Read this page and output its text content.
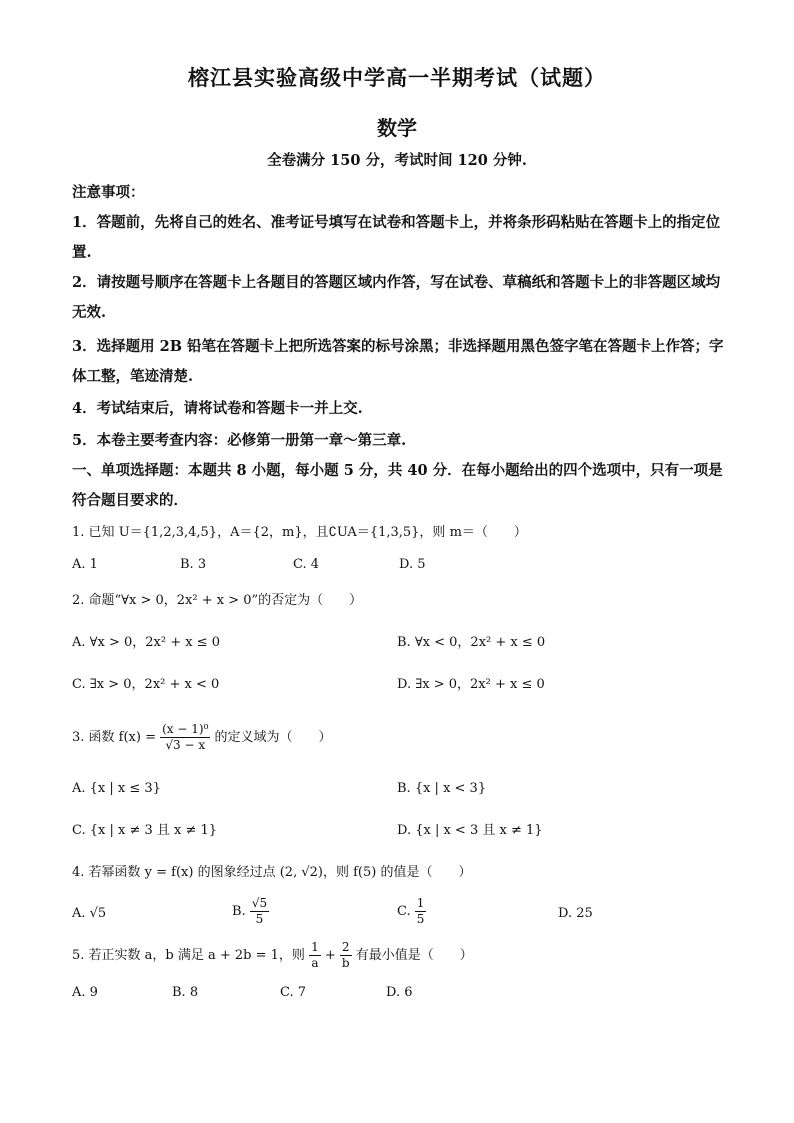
榕江县实验高级中学高一半期考试（试题）
数学
全卷满分 150 分，考试时间 120 分钟.

注意事项：

1．答题前，先将自己的姓名、准考证号填写在试卷和答题卡上，并将条形码粘贴在答题卡上的指定位置.

2．请按题号顺序在答题卡上各题目的答题区域内作答，写在试卷、草稿纸和答题卡上的非答题区域均无效.

3．选择题用 2B 铅笔在答题卡上把所选答案的标号涂黑；非选择题用黑色签字笔在答题卡上作答；字体工整，笔迹清楚.

4．考试结束后，请将试卷和答题卡一并上交.

5．本卷主要考查内容：必修第一册第一章～第三章.

一、单项选择题：本题共 8 小题，每小题 5 分，共 40 分．在每小题给出的四个选项中，只有一项是符合题目要求的．

1. 已知 U＝{1,2,3,4,5}，A＝{2，m}，且∁UA＝{1,3,5}，则 m＝（　　）
A. 1	B. 3	C. 4	D. 5
2. 命题“∀x > 0，2x² + x > 0”的否定为（　　）
A. ∀x > 0，2x² + x ≤ 0	B. ∀x < 0，2x² + x ≤ 0
C. ∃x > 0，2x² + x < 0	D. ∃x > 0，2x² + x ≤ 0
3. 函数 $f(x) = \frac{\text{(x − 1)⁰}}{√3 - x}$ 的定义域为（　　）
A. {x | x ≤ 3}	B. {x | x < 3}
C. {x | x ≠ 3 且 x ≠ 1}	D. {x | x < 3 且 x ≠ 1}
4. 若幂函数 y = f(x) 的图象经过点 (2, √2)，则 f(5) 的值是（　　）
A. √5	B. $\frac{√5}{5}$	C. $\frac{1}{5}$	D. 25
5. 若正实数 a，b 满足 a + 2b = 1，则 $\frac{1}{a} + \frac{2}{b}$ 有最小值是（　　）
A. 9	B. 8	C. 7	D. 6
